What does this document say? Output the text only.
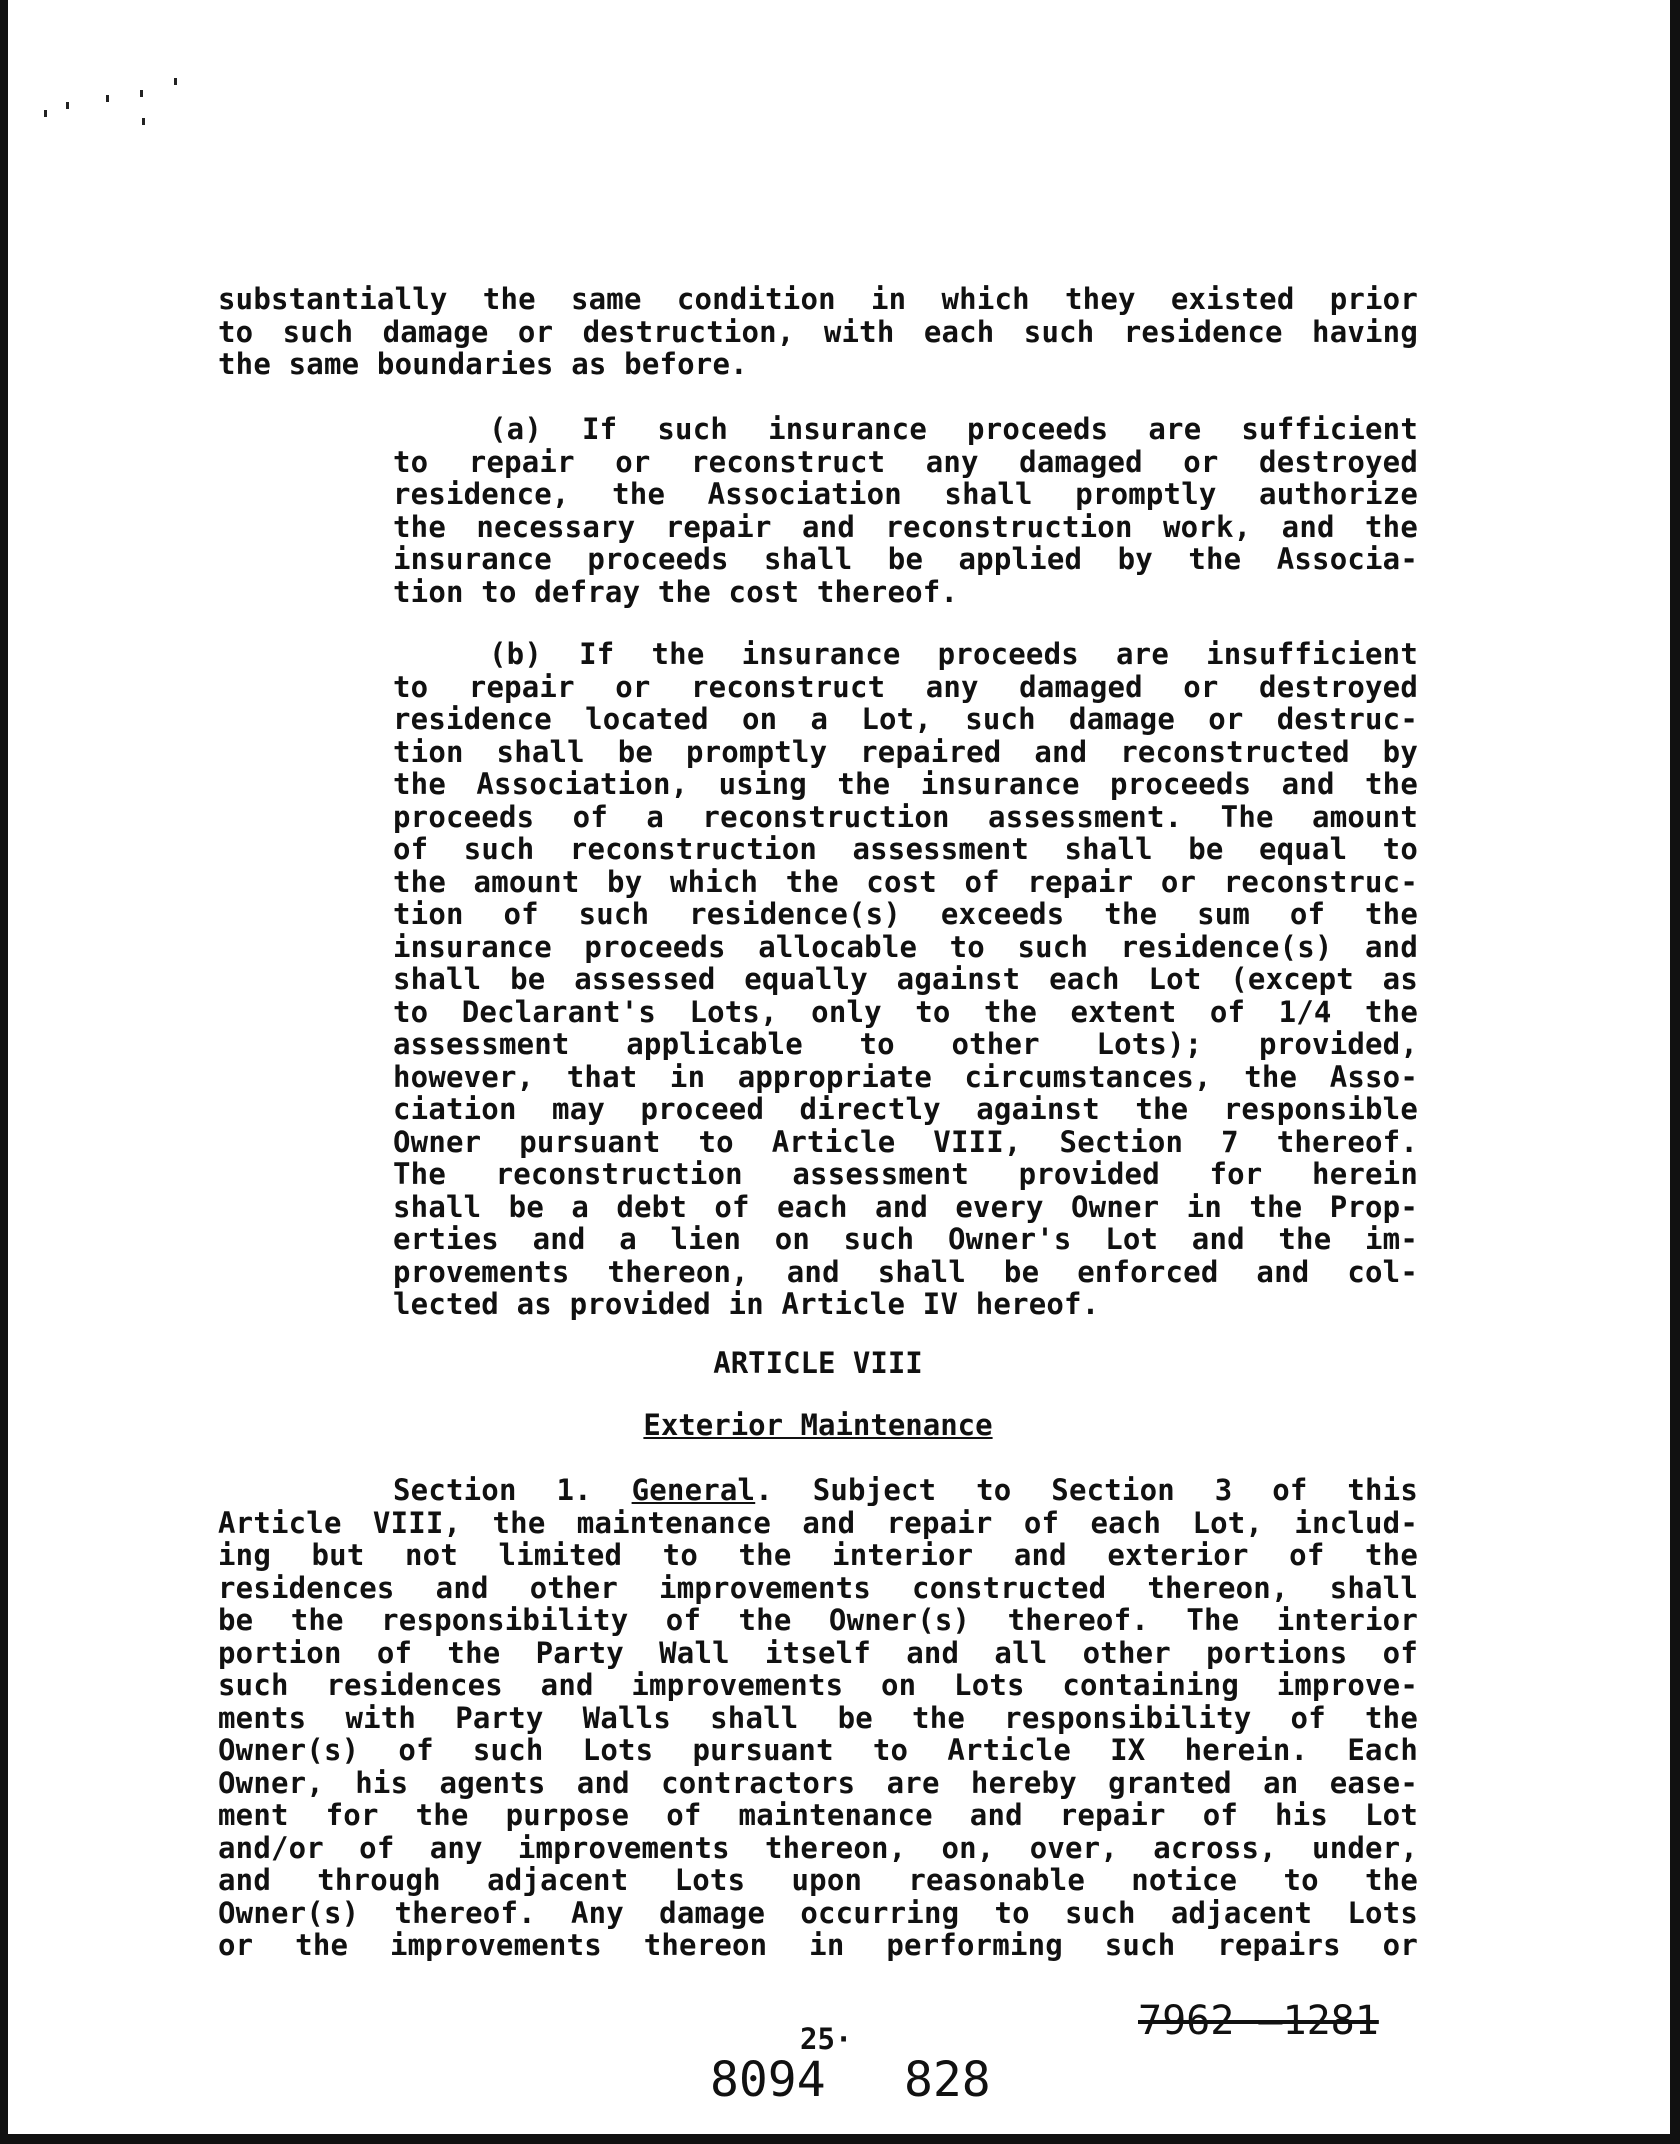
substantially the same condition in which they existed prior
to such damage or destruction, with each such residence having
the same boundaries as before.
(a) If such insurance proceeds are sufficient
to repair or reconstruct any damaged or destroyed
residence, the Association shall promptly authorize
the necessary repair and reconstruction work, and the
insurance proceeds shall be applied by the Associa-
tion to defray the cost thereof.
(b) If the insurance proceeds are insufficient
to repair or reconstruct any damaged or destroyed
residence located on a Lot, such damage or destruc-
tion shall be promptly repaired and reconstructed by
the Association, using the insurance proceeds and the
proceeds of a reconstruction assessment. The amount
of such reconstruction assessment shall be equal to
the amount by which the cost of repair or reconstruc-
tion of such residence(s) exceeds the sum of the
insurance proceeds allocable to such residence(s) and
shall be assessed equally against each Lot (except as
to Declarant's Lots, only to the extent of 1/4 the
assessment applicable to other Lots); provided,
however, that in appropriate circumstances, the Asso-
ciation may proceed directly against the responsible
Owner pursuant to Article VIII, Section 7 thereof.
The reconstruction assessment provided for herein
shall be a debt of each and every Owner in the Prop-
erties and a lien on such Owner's Lot and the im-
provements thereon, and shall be enforced and col-
lected as provided in Article IV hereof.
ARTICLE VIII
Exterior Maintenance
Section 1. General. Subject to Section 3 of this
Article VIII, the maintenance and repair of each Lot, includ-
ing but not limited to the interior and exterior of the
residences and other improvements constructed thereon, shall
be the responsibility of the Owner(s) thereof. The interior
portion of the Party Wall itself and all other portions of
such residences and improvements on Lots containing improve-
ments with Party Walls shall be the responsibility of the
Owner(s) of such Lots pursuant to Article IX herein. Each
Owner, his agents and contractors are hereby granted an ease-
ment for the purpose of maintenance and repair of his Lot
and/or of any improvements thereon, on, over, across, under,
and through adjacent Lots upon reasonable notice to the
Owner(s) thereof. Any damage occurring to such adjacent Lots
or the improvements thereon in performing such repairs or
25·	7962 —1281
8094 828
